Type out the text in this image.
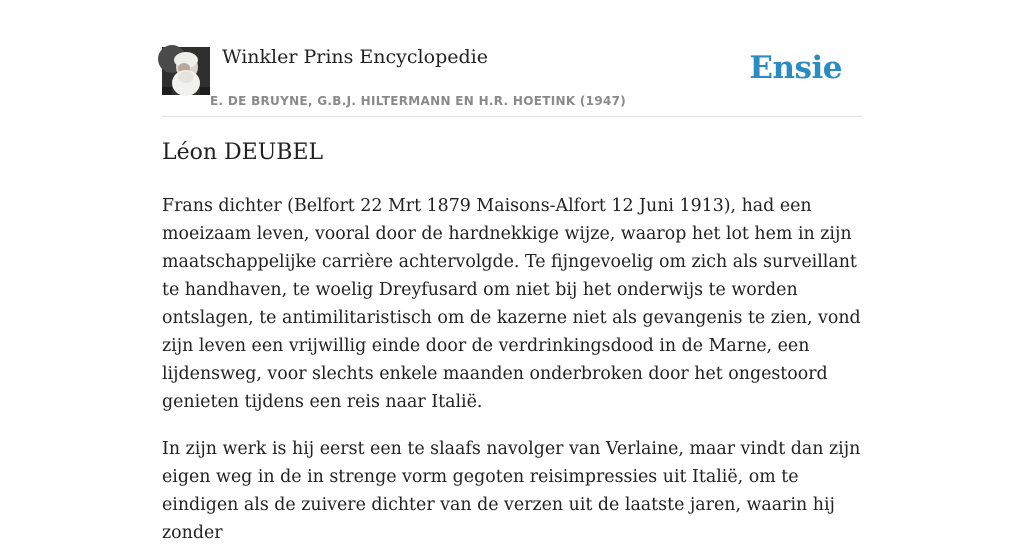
Winkler Prins Encyclopedie
E. DE BRUYNE, G.B.J. HILTERMANN EN H.R. HOETINK (1947)
Ensie
Léon DEUBEL

Frans dichter (Belfort 22 Mrt 1879 Maisons-Alfort 12 Juni 1913), had een moeizaam leven, vooral door de hardnekkige wijze, waarop het lot hem in zijn maatschappelijke carrière achtervolgde. Te fijngevoelig om zich als surveillant te handhaven, te woelig Dreyfusard om niet bij het onderwijs te worden ontslagen, te antimilitaristisch om de kazerne niet als gevangenis te zien, vond zijn leven een vrijwillig einde door de verdrinkingsdood in de Marne, een lijdensweg, voor slechts enkele maanden onderbroken door het ongestoord genieten tijdens een reis naar Italië.

In zijn werk is hij eerst een te slaafs navolger van Verlaine, maar vindt dan zijn eigen weg in de in strenge vorm gegoten reisimpressies uit Italië, om te eindigen als de zuivere dichter van de verzen uit de laatste jaren, waarin hij zonder
